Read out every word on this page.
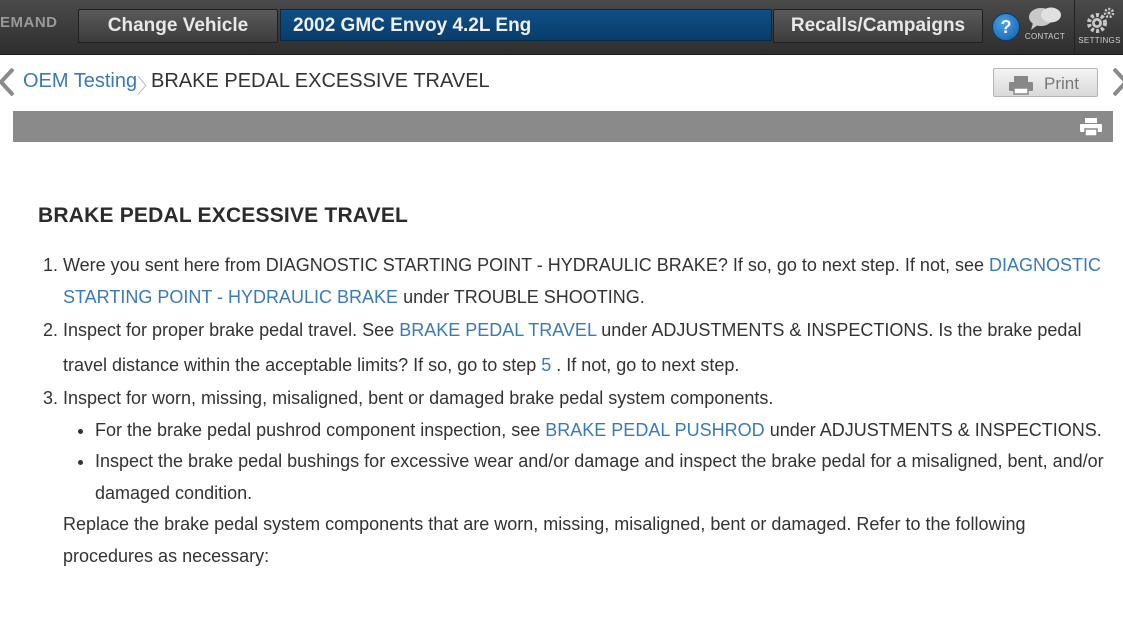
EMAND	Change Vehicle	2002 GMC Envoy 4.2L Eng	Recalls/Campaigns	?	CONTACT	SETTINGS
OEM Testing 〉
BRAKE PEDAL EXCESSIVE TRAVEL	Print
BRAKE PEDAL EXCESSIVE TRAVEL
1. Were you sent here from DIAGNOSTIC STARTING POINT - HYDRAULIC BRAKE? If so, go to next step. If not, see DIAGNOSTIC STARTING POINT - HYDRAULIC BRAKE under TROUBLE SHOOTING.
2. Inspect for proper brake pedal travel. See BRAKE PEDAL TRAVEL under ADJUSTMENTS & INSPECTIONS. Is the brake pedal travel distance within the acceptable limits? If so, go to step 5 . If not, go to next step.
3. Inspect for worn, missing, misaligned, bent or damaged brake pedal system components.
• For the brake pedal pushrod component inspection, see BRAKE PEDAL PUSHROD under ADJUSTMENTS & INSPECTIONS.
• Inspect the brake pedal bushings for excessive wear and/or damage and inspect the brake pedal for a misaligned, bent, and/or damaged condition.
Replace the brake pedal system components that are worn, missing, misaligned, bent or damaged. Refer to the following procedures as necessary:
